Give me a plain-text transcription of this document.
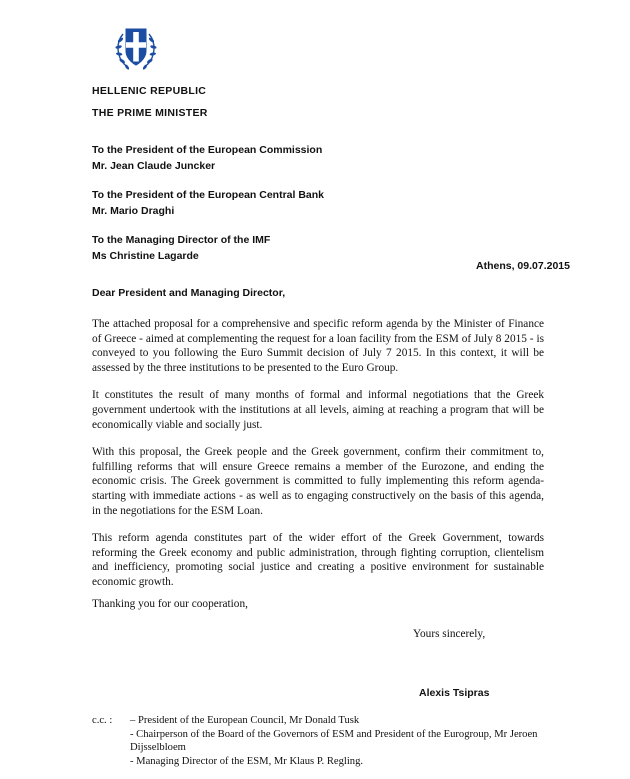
HELLENIC REPUBLIC
THE PRIME MINISTER
To the President of the European Commission
Mr. Jean Claude Juncker
To the President of the European Central Bank
Mr. Mario Draghi
To the Managing Director of the IMF
Ms Christine Lagarde
Athens, 09.07.2015
Dear President and Managing Director,

The attached proposal for a comprehensive and specific reform agenda by the Minister of Finance of Greece - aimed at complementing the request for a loan facility from the ESM of July 8 2015 - is conveyed to you following the Euro Summit decision of July 7 2015. In this context, it will be assessed by the three institutions to be presented to the Euro Group.

It constitutes the result of many months of formal and informal negotiations that the Greek government undertook with the institutions at all levels, aiming at reaching a program that will be economically viable and socially just.

With this proposal, the Greek people and the Greek government, confirm their commitment to, fulfilling reforms that will ensure Greece remains a member of the Eurozone, and ending the economic crisis. The Greek government is committed to fully implementing this reform agenda- starting with immediate actions - as well as to engaging constructively on the basis of this agenda, in the negotiations for the ESM Loan.

This reform agenda constitutes part of the wider effort of the Greek Government, towards reforming the Greek economy and public administration, through fighting corruption, clientelism and inefficiency, promoting social justice and creating a positive environment for sustainable economic growth.

Thanking you for our cooperation,
Yours sincerely,
Alexis Tsipras
c.c. : – President of the European Council, Mr Donald Tusk
- Chairperson of the Board of the Governors of ESM and President of the Eurogroup, Mr Jeroen Dijsselbloem
- Managing Director of the ESM, Mr Klaus P. Regling.
